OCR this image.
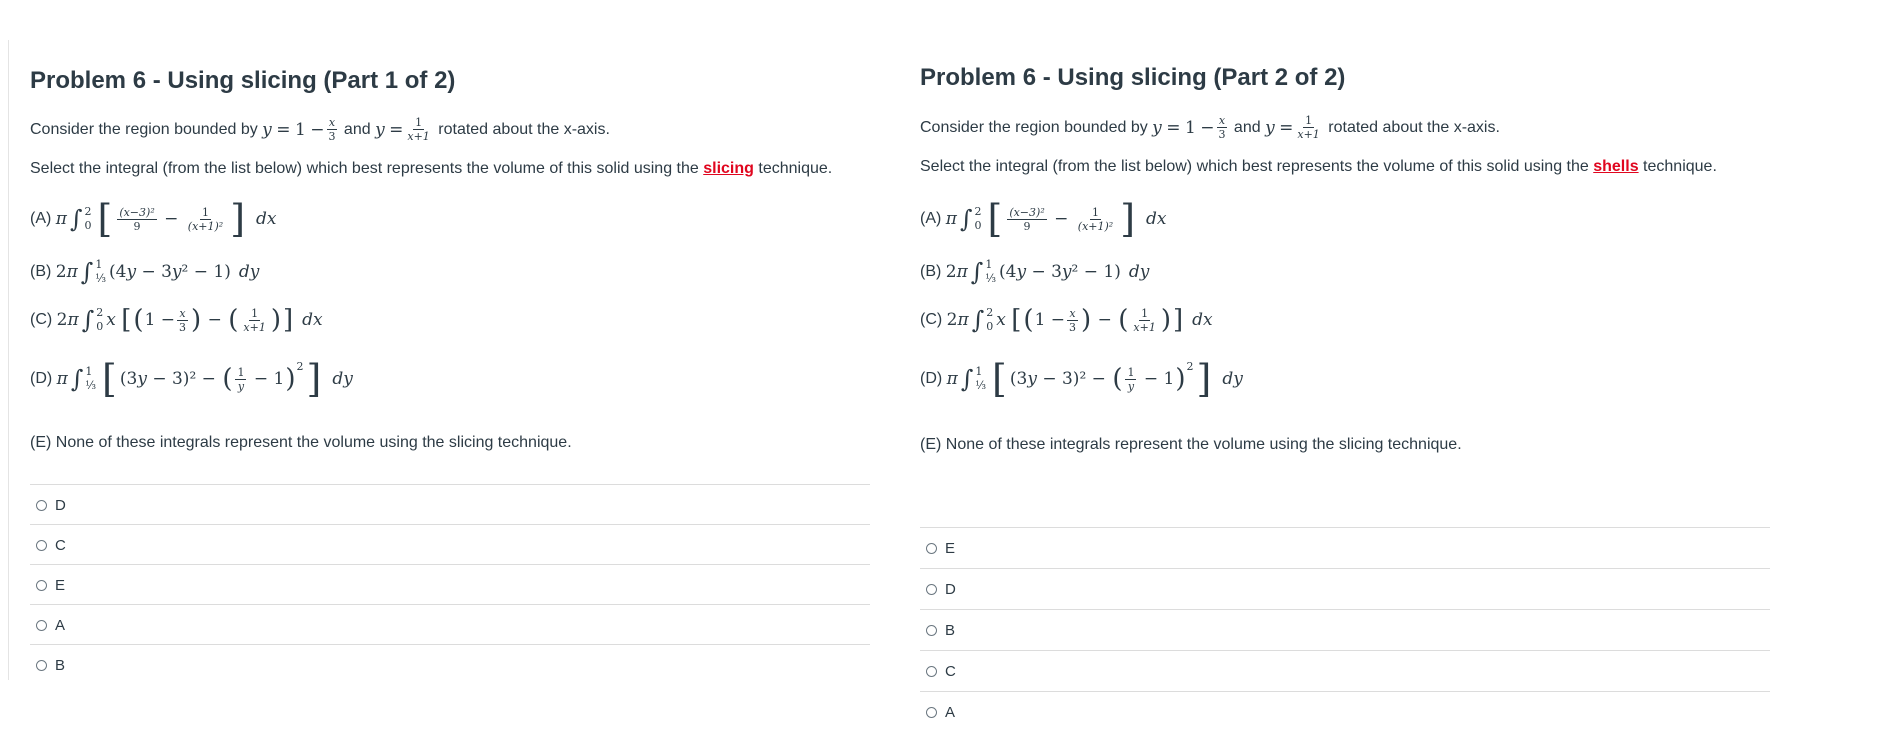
Problem 6 - Using slicing (Part 1 of 2)
Consider the region bounded by
y
=
1
− $\frac{x}{3}$
and
y
= $\frac{1}{x+1}$
rotated about the x-axis.
Select the integral (from the list below) which best represents the volume of this solid using the
slicing
technique.
(A)
π ∫ 2
0 [ $\frac{\text{(x−3)²}}{9} - \frac{1}{\text{(x+1)²}}$ ] dx
(B)
2 π ∫ 1
⅓ (4 y − 3 y ² − 1) dy
(C)
2 π ∫ 2
0 x
[ ( $1 - \frac{x}{3}$ ) − ( $\frac{1}{x+1}$ ) ] dx
(D)
π ∫ 1
⅓ [ (3 y − 3)² − ( $\frac{1}{y} - 1$ ) 2 ] dy
(E) None of these integrals represent the volume using the slicing technique.
D
C
E
A
B
Problem 6 - Using slicing (Part 2 of 2)
Consider the region bounded by
y
=
1
− $\frac{x}{3}$
and
y
= $\frac{1}{x+1}$
rotated about the x-axis.
Select the integral (from the list below) which best represents the volume of this solid using the
shells
technique.
(A)
π ∫ 2
0 [ $\frac{\text{(x−3)²}}{9} - \frac{1}{\text{(x+1)²}}$ ] dx
(B)
2 π ∫ 1
⅓ (4 y − 3 y ² − 1) dy
(C)
2 π ∫ 2
0 x
[ ( $1 - \frac{x}{3}$ ) − ( $\frac{1}{x+1}$ ) ] dx
(D)
π ∫ 1
⅓ [ (3 y − 3)² − ( $\frac{1}{y} - 1$ ) 2 ] dy
(E) None of these integrals represent the volume using the slicing technique.
E
D
B
C
A
